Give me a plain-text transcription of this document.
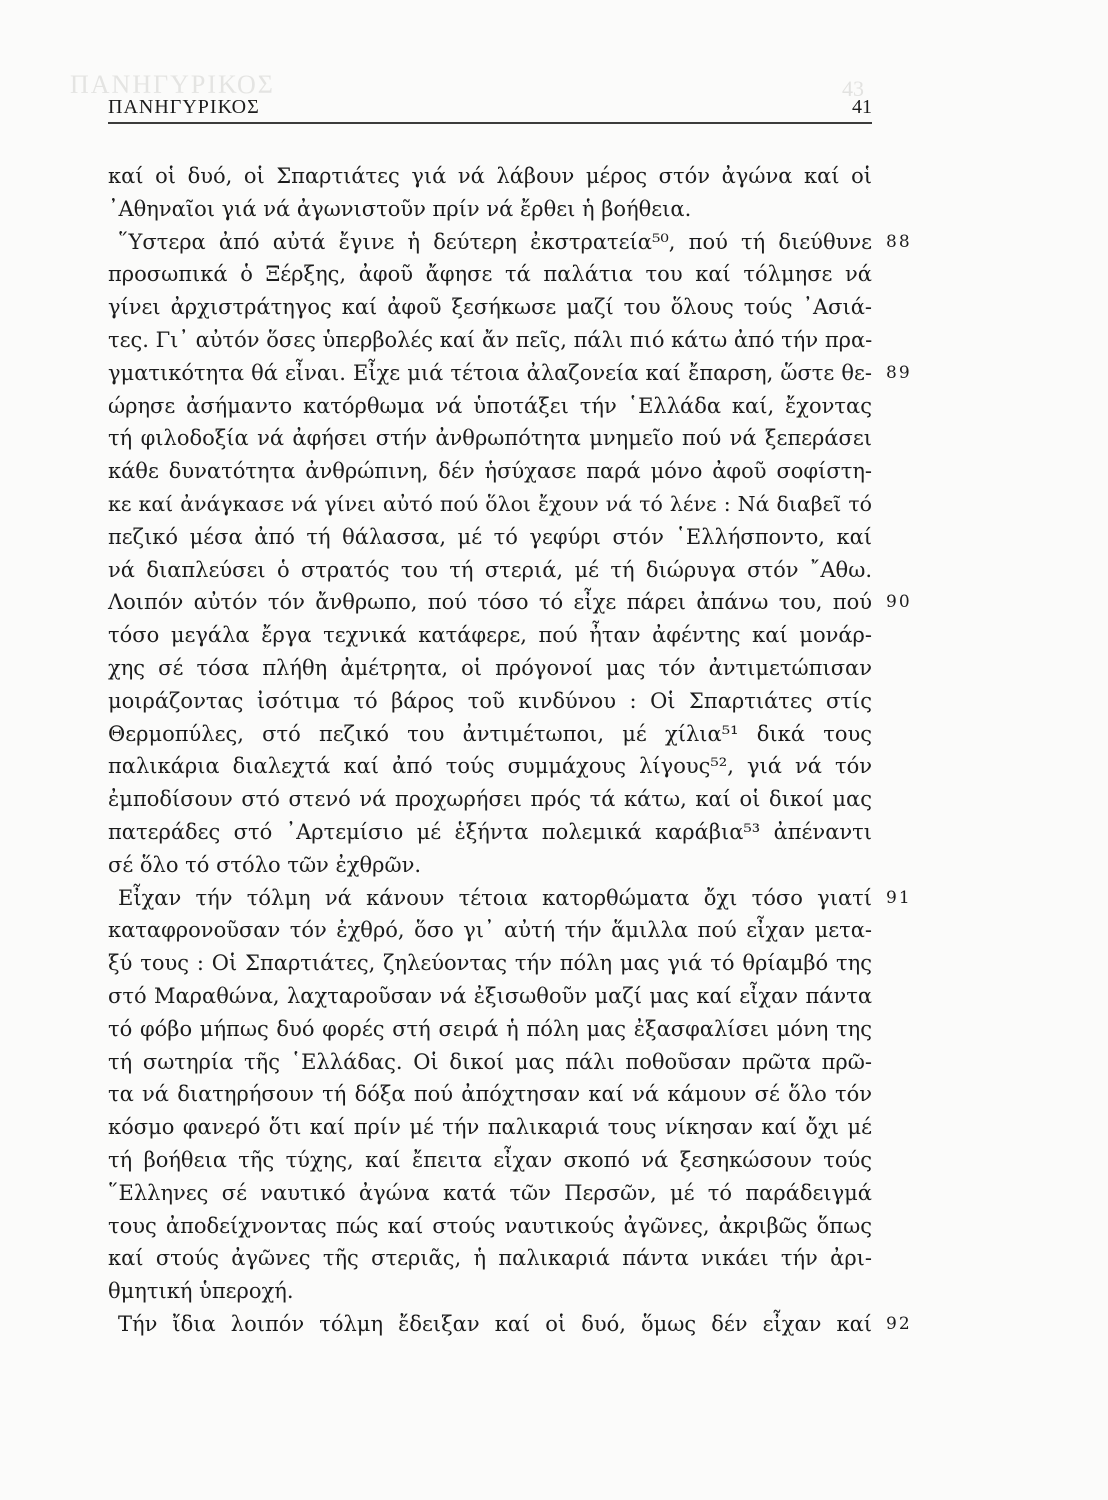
ΠΑΝΗΓΥΡΙΚΟΣ	43
ΠΑΝΗΓΥΡΙΚΟΣ	41
καί οἱ δυό, οἱ Σπαρτιάτες γιά νά λάβουν μέρος στόν ἀγώνα καί οἱ
᾿Αθηναῖοι γιά νά ἀγωνιστοῦν πρίν νά ἔρθει ἡ βοήθεια.
῞Υστερα ἀπό αὐτά ἔγινε ἡ δεύτερη ἐκστρατεία⁵⁰, πού τή διεύθυνε 88
προσωπικά ὁ Ξέρξης, ἀφοῦ ἄφησε τά παλάτια του καί τόλμησε νά
γίνει ἀρχιστράτηγος καί ἀφοῦ ξεσήκωσε μαζί του ὅλους τούς ᾿Ασιά-
τες. Γι᾿ αὐτόν ὅσες ὑπερβολές καί ἄν πεῖς, πάλι πιό κάτω ἀπό τήν πρα-
γματικότητα θά εἶναι. Εἶχε μιά τέτοια ἀλαζονεία καί ἔπαρση, ὥστε θε- 89
ώρησε ἀσήμαντο κατόρθωμα νά ὑποτάξει τήν ῾Ελλάδα καί, ἔχοντας
τή φιλοδοξία νά ἀφήσει στήν ἀνθρωπότητα μνημεῖο πού νά ξεπεράσει
κάθε δυνατότητα ἀνθρώπινη, δέν ἡσύχασε παρά μόνο ἀφοῦ σοφίστη-
κε καί ἀνάγκασε νά γίνει αὐτό πού ὅλοι ἔχουν νά τό λένε : Νά διαβεῖ τό
πεζικό μέσα ἀπό τή θάλασσα, μέ τό γεφύρι στόν ῾Ελλήσποντο, καί
νά διαπλεύσει ὁ στρατός του τή στεριά, μέ τή διώρυγα στόν ῎Αθω.
Λοιπόν αὐτόν τόν ἄνθρωπο, πού τόσο τό εἶχε πάρει ἀπάνω του, πού 90
τόσο μεγάλα ἔργα τεχνικά κατάφερε, πού ἦταν ἀφέντης καί μονάρ-
χης σέ τόσα πλήθη ἀμέτρητα, οἱ πρόγονοί μας τόν ἀντιμετώπισαν
μοιράζοντας ἰσότιμα τό βάρος τοῦ κινδύνου : Οἱ Σπαρτιάτες στίς
Θερμοπύλες, στό πεζικό του ἀντιμέτωποι, μέ χίλια⁵¹ δικά τους
παλικάρια διαλεχτά καί ἀπό τούς συμμάχους λίγους⁵², γιά νά τόν
ἐμποδίσουν στό στενό νά προχωρήσει πρός τά κάτω, καί οἱ δικοί μας
πατεράδες στό ᾿Αρτεμίσιο μέ ἑξήντα πολεμικά καράβια⁵³ ἀπέναντι
σέ ὅλο τό στόλο τῶν ἐχθρῶν.
Εἶχαν τήν τόλμη νά κάνουν τέτοια κατορθώματα ὄχι τόσο γιατί 91
καταφρονοῦσαν τόν ἐχθρό, ὅσο γι᾿ αὐτή τήν ἅμιλλα πού εἶχαν μετα-
ξύ τους : Οἱ Σπαρτιάτες, ζηλεύοντας τήν πόλη μας γιά τό θρίαμβό της
στό Μαραθώνα, λαχταροῦσαν νά ἐξισωθοῦν μαζί μας καί εἶχαν πάντα
τό φόβο μήπως δυό φορές στή σειρά ἡ πόλη μας ἐξασφαλίσει μόνη της
τή σωτηρία τῆς ῾Ελλάδας. Οἱ δικοί μας πάλι ποθοῦσαν πρῶτα πρῶ-
τα νά διατηρήσουν τή δόξα πού ἀπόχτησαν καί νά κάμουν σέ ὅλο τόν
κόσμο φανερό ὅτι καί πρίν μέ τήν παλικαριά τους νίκησαν καί ὄχι μέ
τή βοήθεια τῆς τύχης, καί ἔπειτα εἶχαν σκοπό νά ξεσηκώσουν τούς
῞Ελληνες σέ ναυτικό ἀγώνα κατά τῶν Περσῶν, μέ τό παράδειγμά
τους ἀποδείχνοντας πώς καί στούς ναυτικούς ἀγῶνες, ἀκριβῶς ὅπως
καί στούς ἀγῶνες τῆς στεριᾶς, ἡ παλικαριά πάντα νικάει τήν ἀρι-
θμητική ὑπεροχή.
Τήν ἴδια λοιπόν τόλμη ἔδειξαν καί οἱ δυό, ὅμως δέν εἶχαν καί 92
